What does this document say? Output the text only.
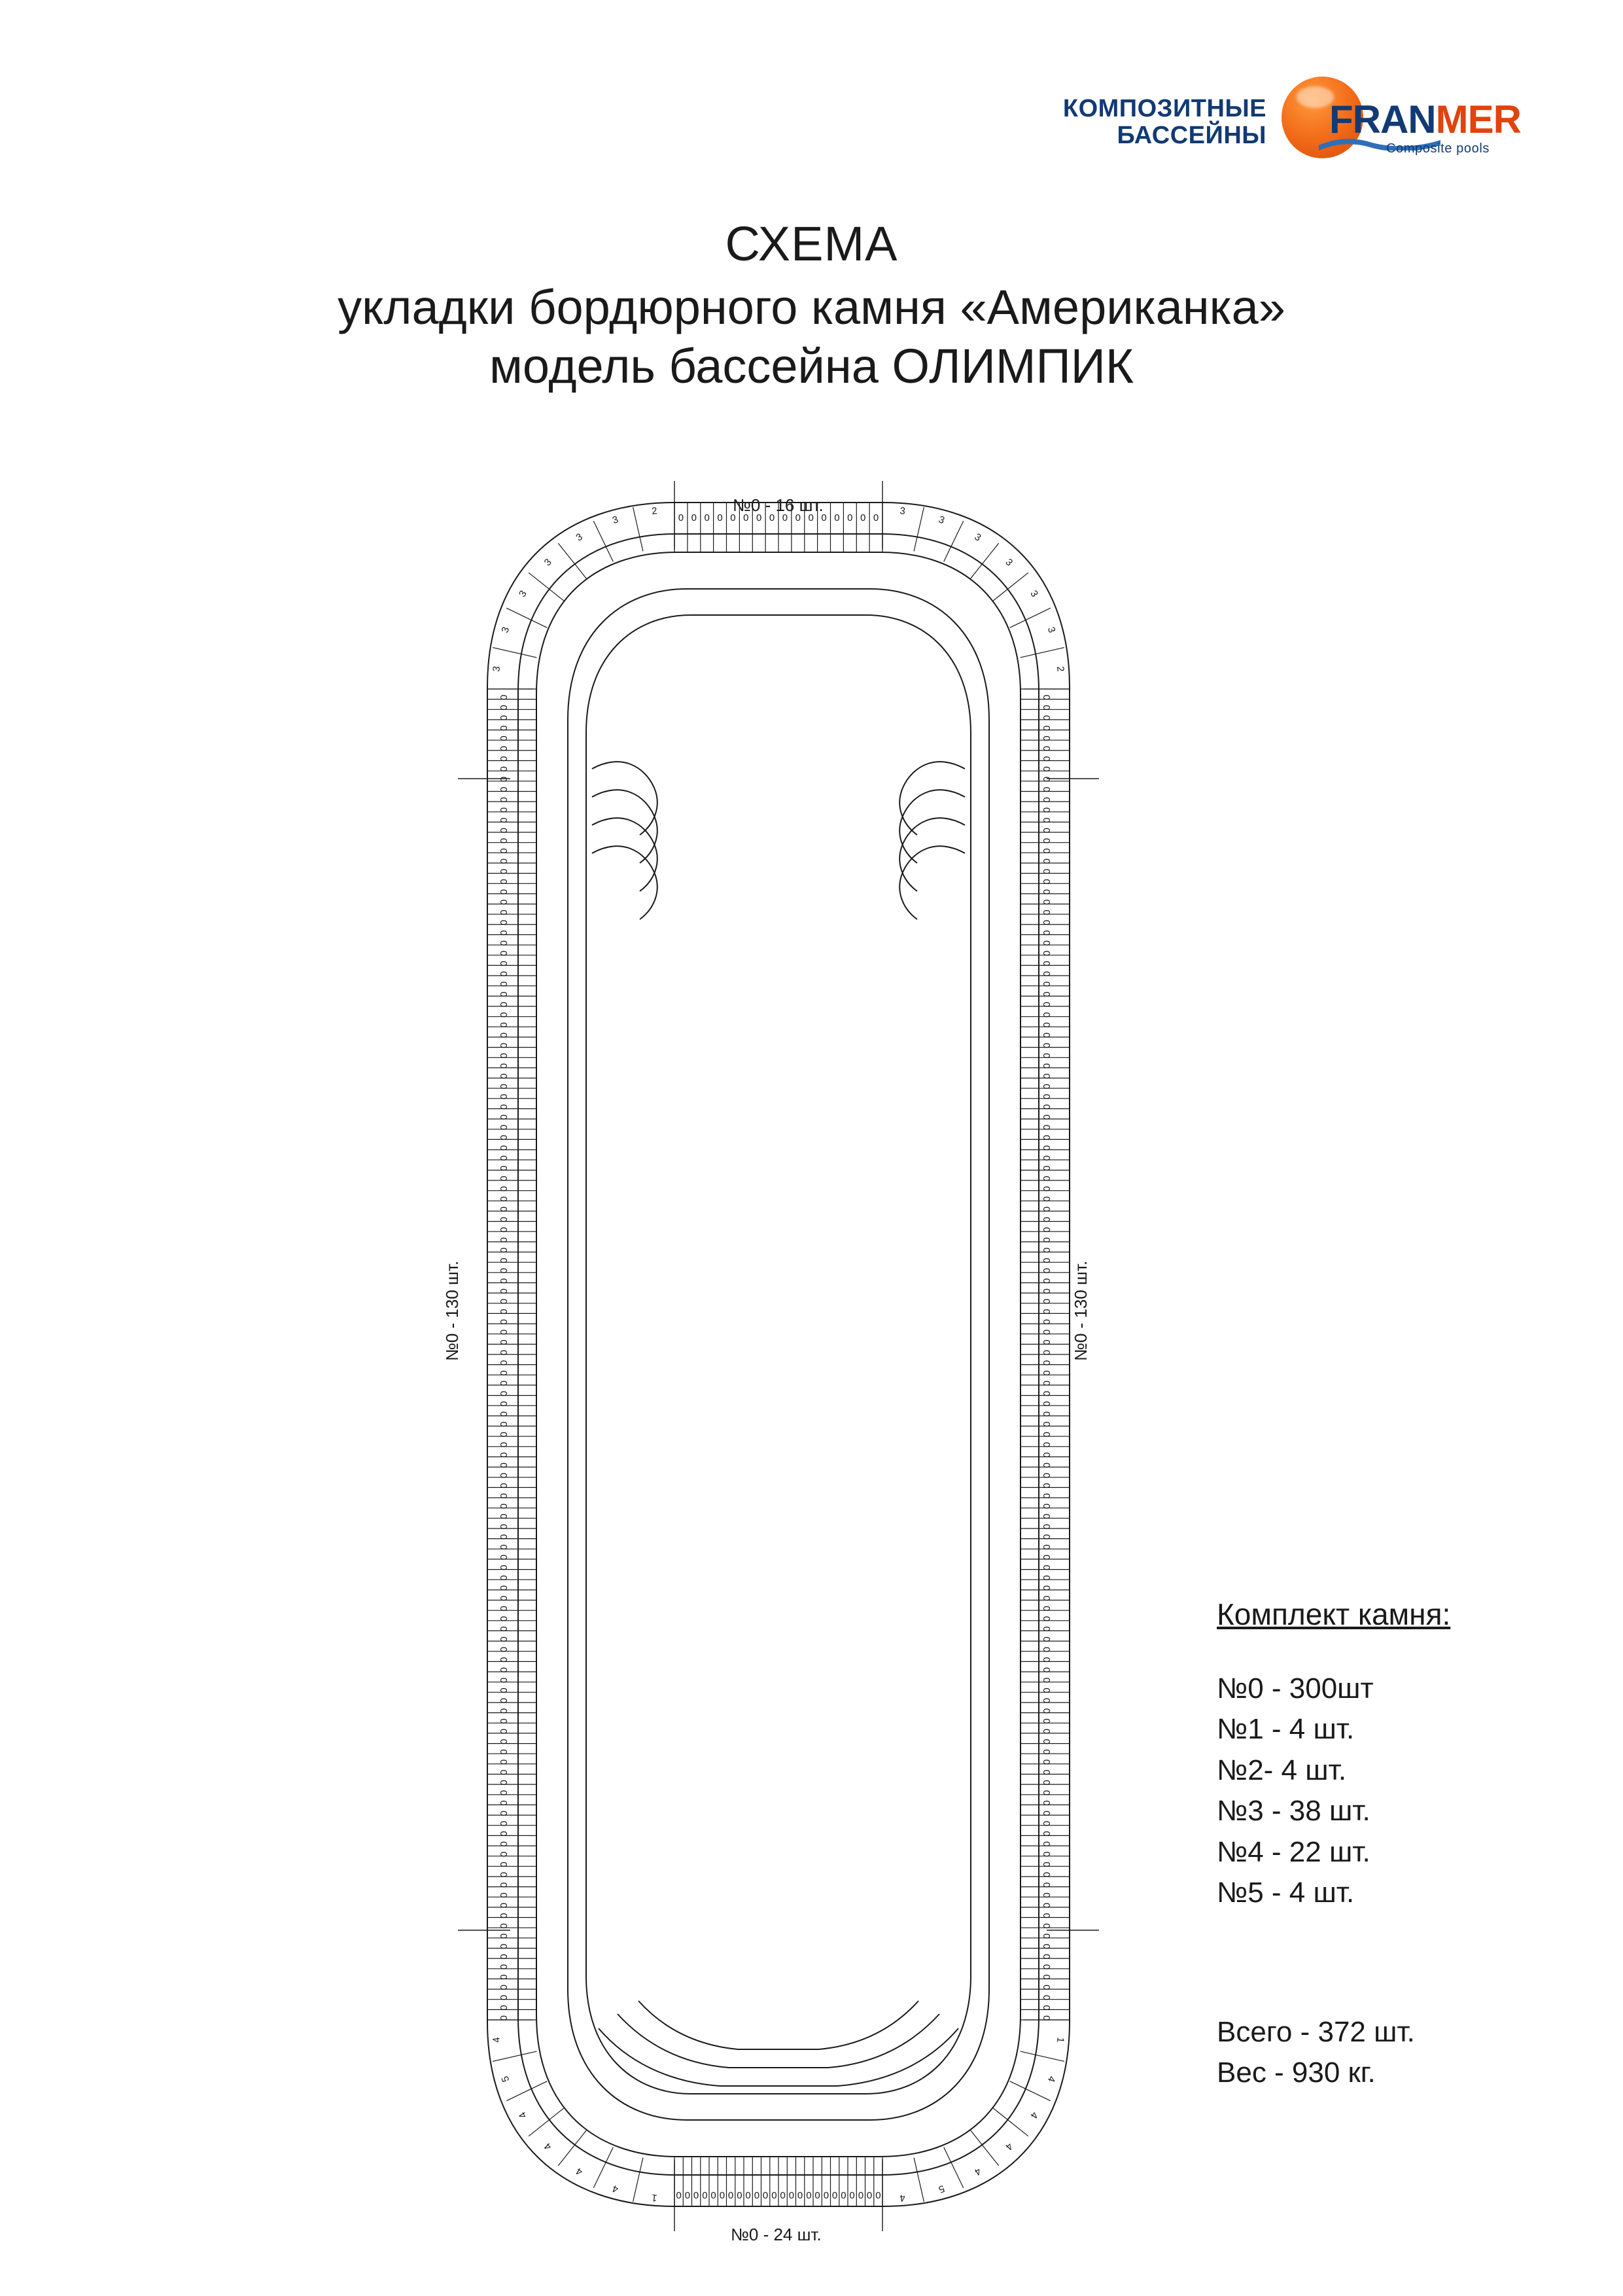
КОМПОЗИТНЫЕ
БАССЕЙНЫ FRANMER
Composite pools
СХЕМА
укладки бордюрного камня «Американка»
модель бассейна ОЛИМПИК
0 0 0 0 0 0 0 0 0 0 0 0 0 0 0 0
0 0 0 0 0 0 0 0 0 0 0 0 0 0 0 0 0 0 0 0 0 0 0 0
0	0
0	0
0	0
0	0
0	0
0	0
0	0
0	0
0	0
0	0
0	0
0	0
0	0
0	0
0	0
0	0
0	0
0	0
0	0
0	0
0	0
0	0
0	0
0	0
0	0
0	0
0	0
0	0
0	0
0	0
0	0
0	0
0	0
0	0
0	0
0	0
0	0
0	0
0	0
0	0
0	0
0	0
0	0
0	0
0	0
0	0
0	0
0	0
0	0
0	0
0	0
0	0
0	0
0	0
0	0
0	0
0	0
0	0
0	0
0	0
0	0
0	0
0	0
0	0
0	0
0	0
0	0
0	0
0	0
0	0
0	0
0	0
0	0
0	0
0	0
0	0
0	0
0	0
0	0
0	0
0	0
0	0
0	0
0	0
0	0
0	0
0	0
0	0
0	0
0	0
0	0
0	0
0	0
0	0
0	0
0	0
0	0
0	0
0	0
0	0
0	0
0	0
0	0
0	0
0	0
0	0
0	0
0	0
0	0
0	0
0	0
0	0
0	0
0	0
0	0
0	0
0	0
0	0
0	0
0	0
0	0
0	0
0	0
0	0
0	0
0	0
0	0
0	0
0	0
0	0
3
3
3
3
3
3
2	3
3
3
3
3
3
2
1
4
4
4
4
5
4	1
4
4
4
4
5
4
№0 - 16 шт.
№0 - 24 шт.
№0 - 130 шт.	№0 - 130 шт.
Комплект камня:
№0 - 300шт
№1 - 4 шт.
№2- 4 шт.
№3 - 38 шт.
№4 - 22 шт.
№5 - 4 шт.
Всего - 372 шт.
Вес - 930 кг.
